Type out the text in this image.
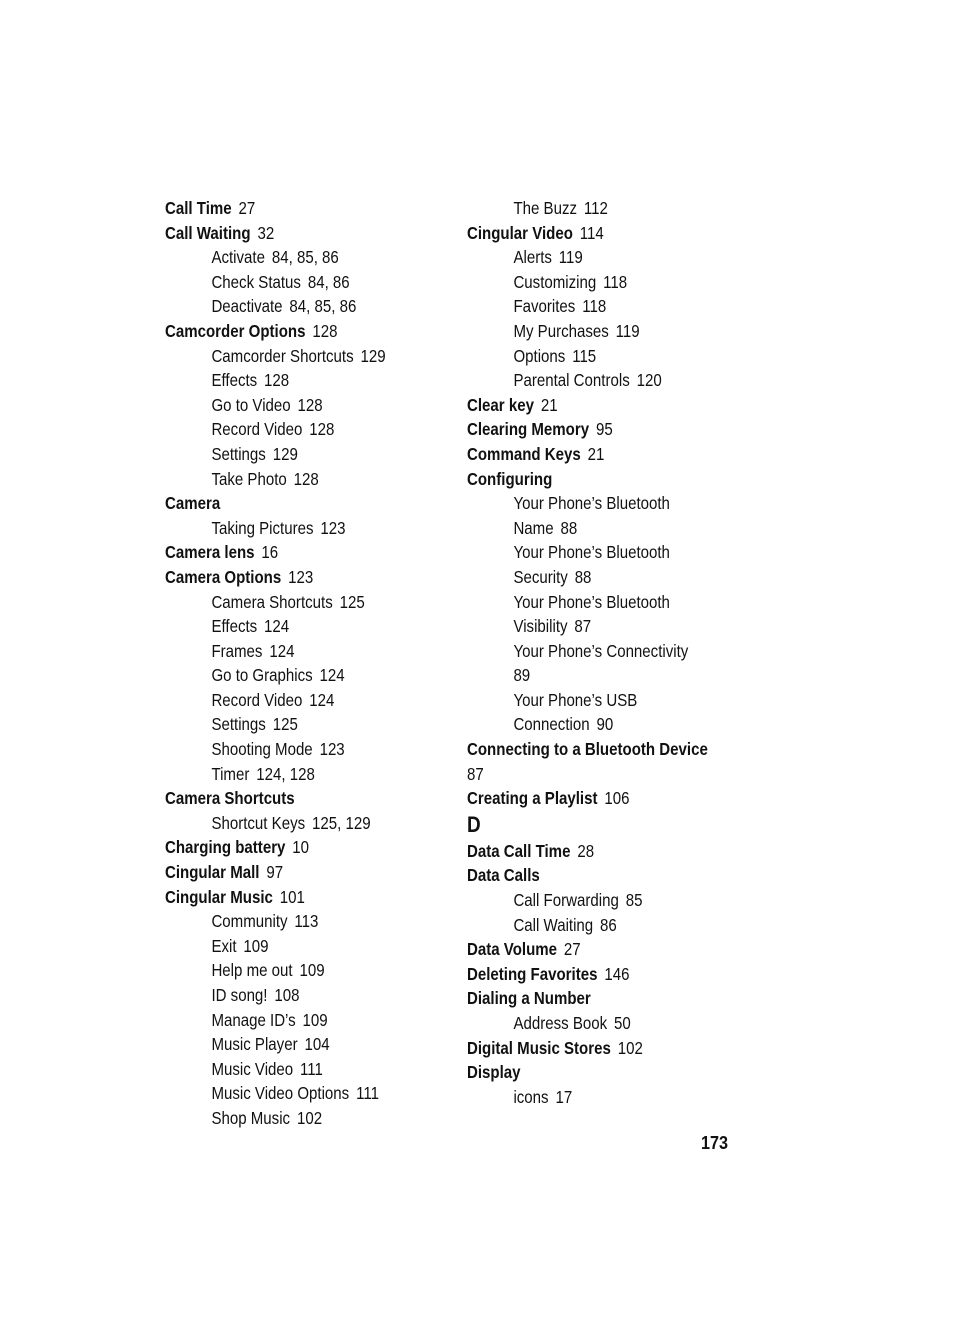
Call Time 27
Call Waiting 32
Activate 84, 85, 86
Check Status 84, 86
Deactivate 84, 85, 86
Camcorder Options 128
Camcorder Shortcuts 129
Effects 128
Go to Video 128
Record Video 128
Settings 129
Take Photo 128
Camera
Taking Pictures 123
Camera lens 16
Camera Options 123
Camera Shortcuts 125
Effects 124
Frames 124
Go to Graphics 124
Record Video 124
Settings 125
Shooting Mode 123
Timer 124, 128
Camera Shortcuts
Shortcut Keys 125, 129
Charging battery 10
Cingular Mall 97
Cingular Music 101
Community 113
Exit 109
Help me out 109
ID song! 108
Manage ID’s 109
Music Player 104
Music Video 111
Music Video Options 111
Shop Music 102
The Buzz 112
Cingular Video 114
Alerts 119
Customizing 118
Favorites 118
My Purchases 119
Options 115
Parental Controls 120
Clear key 21
Clearing Memory 95
Command Keys 21
Configuring
Your Phone’s Bluetooth
Name 88
Your Phone’s Bluetooth
Security 88
Your Phone’s Bluetooth
Visibility 87
Your Phone’s Connectivity
89
Your Phone’s USB
Connection 90
Connecting to a Bluetooth Device
87
Creating a Playlist 106
D
Data Call Time 28
Data Calls
Call Forwarding 85
Call Waiting 86
Data Volume 27
Deleting Favorites 146
Dialing a Number
Address Book 50
Digital Music Stores 102
Display
icons 17
173
